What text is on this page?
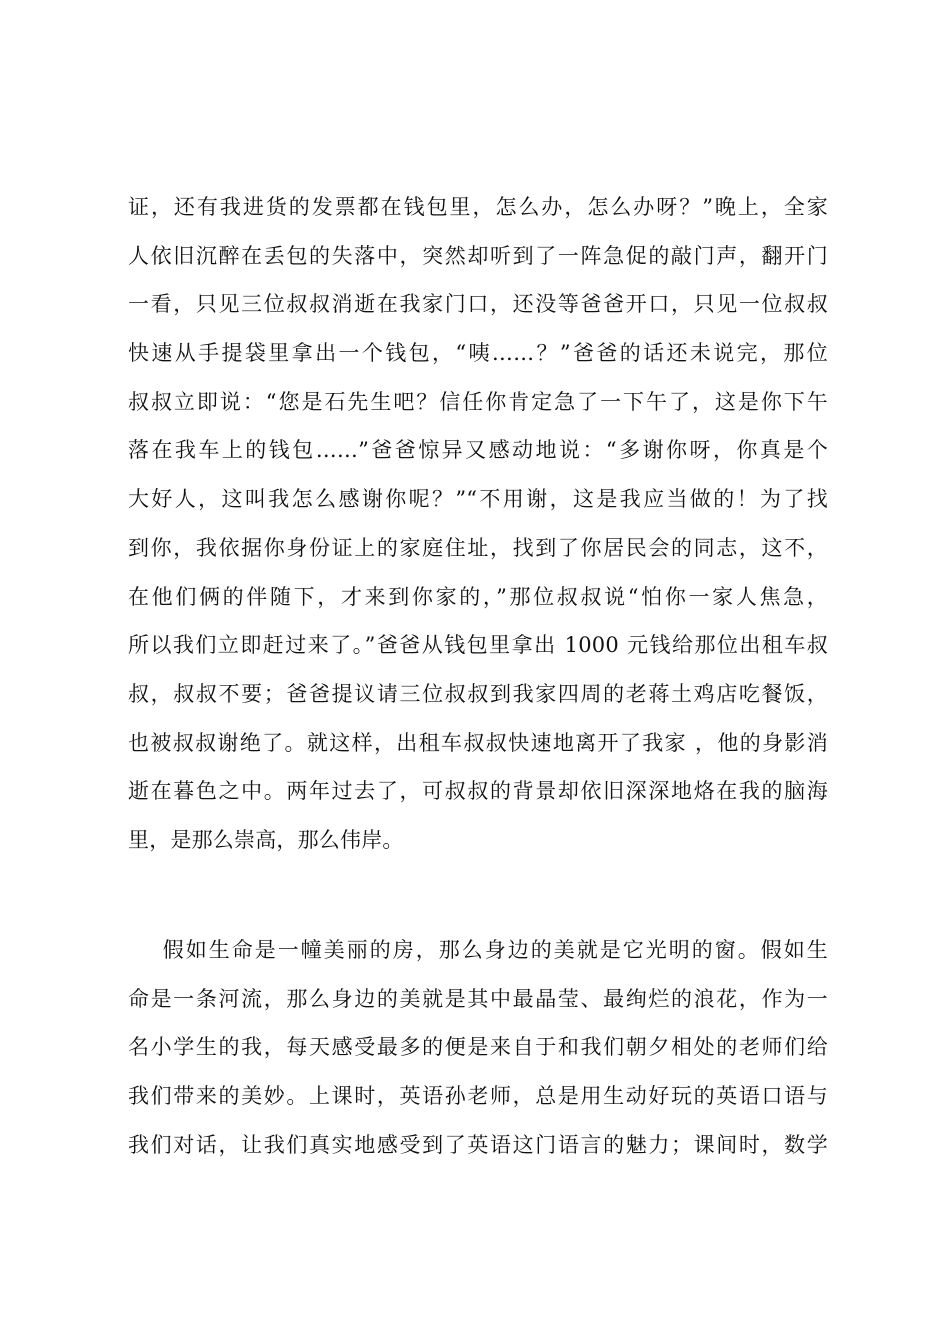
证，还有我进货的发票都在钱包里，怎么办，怎么办呀？”晚上，全家
人依旧沉醉在丢包的失落中，突然却听到了一阵急促的敲门声，翻开门
一看，只见三位叔叔消逝在我家门口，还没等爸爸开口，只见一位叔叔
快速从手提袋里拿出一个钱包，“咦……？”爸爸的话还未说完，那位
叔叔立即说：“您是石先生吧？信任你肯定急了一下午了，这是你下午
落在我车上的钱包……”爸爸惊异又感动地说：“多谢你呀，你真是个
大好人，这叫我怎么感谢你呢？”“不用谢，这是我应当做的！为了找
到你，我依据你身份证上的家庭住址，找到了你居民会的同志，这不，
在他们俩的伴随下，才来到你家的，”那位叔叔说“怕你一家人焦急，
所以我们立即赶过来了。”爸爸从钱包里拿出 1000 元钱给那位出租车叔
叔，叔叔不要；爸爸提议请三位叔叔到我家四周的老蒋土鸡店吃餐饭，
也被叔叔谢绝了。就这样，出租车叔叔快速地离开了我家 ，他的身影消
逝在暮色之中。两年过去了，可叔叔的背景却依旧深深地烙在我的脑海
里，是那么崇高，那么伟岸。

假如生命是一幢美丽的房，那么身边的美就是它光明的窗。假如生
命是一条河流，那么身边的美就是其中最晶莹、最绚烂的浪花，作为一
名小学生的我，每天感受最多的便是来自于和我们朝夕相处的老师们给
我们带来的美妙。上课时，英语孙老师，总是用生动好玩的英语口语与
我们对话，让我们真实地感受到了英语这门语言的魅力；课间时，数学
